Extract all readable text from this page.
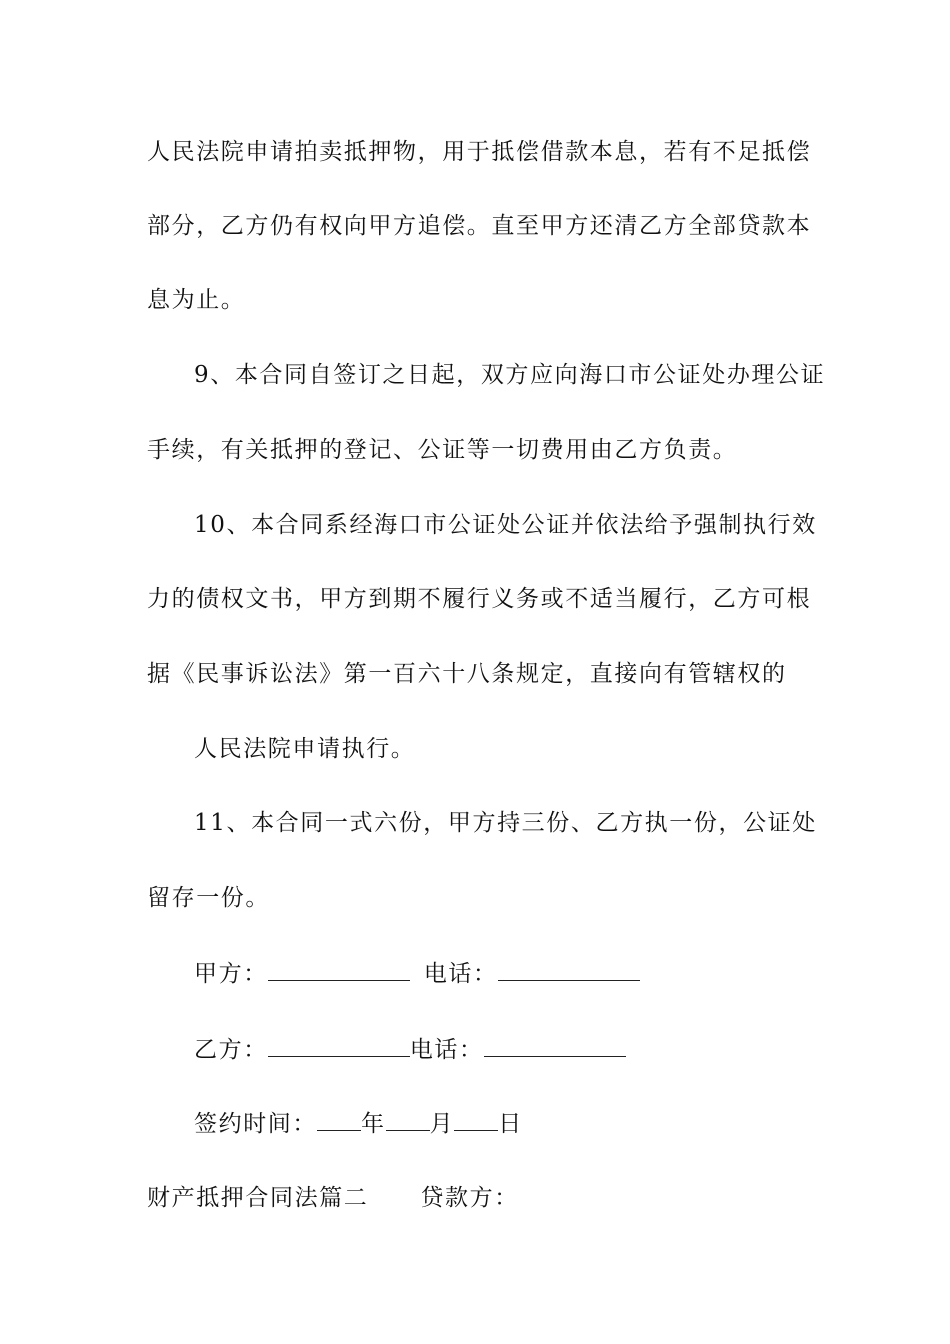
人民法院申请拍卖抵押物，用于抵偿借款本息，若有不足抵偿
部分，乙方仍有权向甲方追偿。直至甲方还清乙方全部贷款本
息为止。
9、本合同自签订之日起，双方应向海口市公证处办理公证
手续，有关抵押的登记、公证等一切费用由乙方负责。
10、本合同系经海口市公证处公证并依法给予强制执行效
力的债权文书，甲方到期不履行义务或不适当履行，乙方可根
据《民事诉讼法》第一百六十八条规定，直接向有管辖权的
人民法院申请执行。
11、本合同一式六份，甲方持三份、乙方执一份，公证处
留存一份。
甲方：	电话：
乙方：	电话：
签约时间： 年 月 日
财产抵押合同法篇二 贷款方：
